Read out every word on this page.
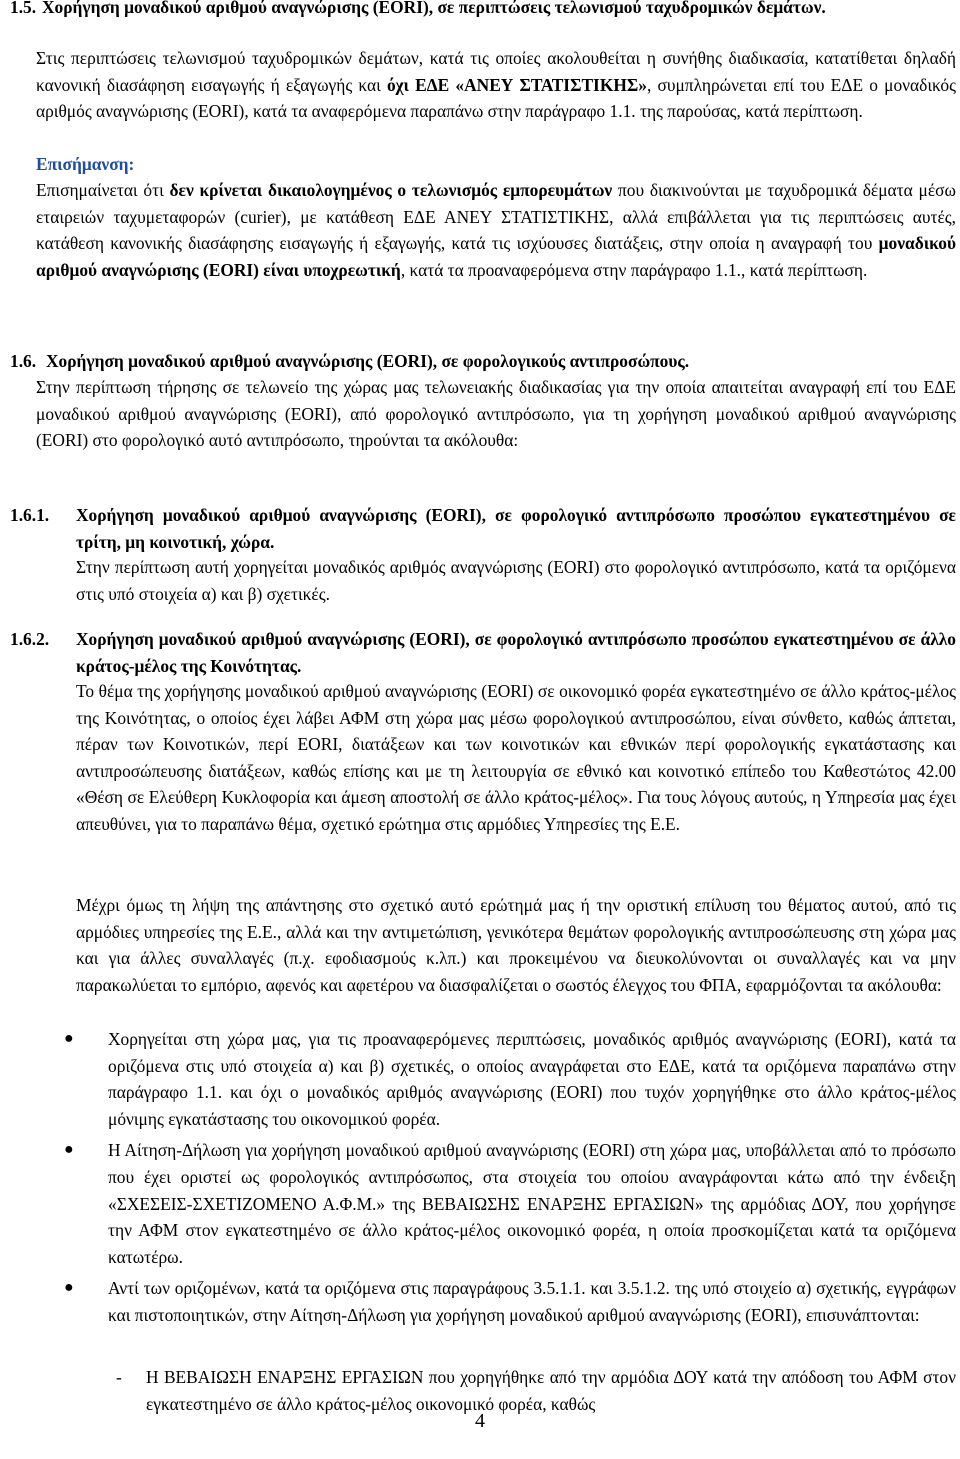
1.5. Χορήγηση μοναδικού αριθμού αναγνώρισης (EORI), σε περιπτώσεις τελωνισμού ταχυδρομικών δεμάτων.
Στις περιπτώσεις τελωνισμού ταχυδρομικών δεμάτων, κατά τις οποίες ακολουθείται η συνήθης διαδικασία, κατατίθεται δηλαδή κανονική διασάφηση εισαγωγής ή εξαγωγής και όχι ΕΔΕ «ΑΝΕΥ ΣΤΑΤΙΣΤΙΚΗΣ», συμπληρώνεται επί του ΕΔΕ ο μοναδικός αριθμός αναγνώρισης (EORI), κατά τα αναφερόμενα παραπάνω στην παράγραφο 1.1. της παρούσας, κατά περίπτωση.
Επισήμανση:
Επισημαίνεται ότι δεν κρίνεται δικαιολογημένος ο τελωνισμός εμπορευμάτων που διακινούνται με ταχυδρομικά δέματα μέσω εταιρειών ταχυμεταφορών (curier), με κατάθεση ΕΔΕ ΑΝΕΥ ΣΤΑΤΙΣΤΙΚΗΣ, αλλά επιβάλλεται για τις περιπτώσεις αυτές, κατάθεση κανονικής διασάφησης εισαγωγής ή εξαγωγής, κατά τις ισχύουσες διατάξεις, στην οποία η αναγραφή του μοναδικού αριθμού αναγνώρισης (EORI) είναι υποχρεωτική, κατά τα προαναφερόμενα στην παράγραφο 1.1., κατά περίπτωση.
1.6. Χορήγηση μοναδικού αριθμού αναγνώρισης (EORI), σε φορολογικούς αντιπροσώπους.
Στην περίπτωση τήρησης σε τελωνείο της χώρας μας τελωνειακής διαδικασίας για την οποία απαιτείται αναγραφή επί του ΕΔΕ μοναδικού αριθμού αναγνώρισης (EORI), από φορολογικό αντιπρόσωπο, για τη χορήγηση μοναδικού αριθμού αναγνώρισης (EORI) στο φορολογικό αυτό αντιπρόσωπο, τηρούνται τα ακόλουθα:
1.6.1. Χορήγηση μοναδικού αριθμού αναγνώρισης (EORI), σε φορολογικό αντιπρόσωπο προσώπου εγκατεστημένου σε τρίτη, μη κοινοτική, χώρα.
Στην περίπτωση αυτή χορηγείται μοναδικός αριθμός αναγνώρισης (EORI) στο φορολογικό αντιπρόσωπο, κατά τα οριζόμενα στις υπό στοιχεία α) και β) σχετικές.
1.6.2. Χορήγηση μοναδικού αριθμού αναγνώρισης (EORI), σε φορολογικό αντιπρόσωπο προσώπου εγκατεστημένου σε άλλο κράτος-μέλος της Κοινότητας.
Το θέμα της χορήγησης μοναδικού αριθμού αναγνώρισης (EORI) σε οικονομικό φορέα εγκατεστημένο σε άλλο κράτος-μέλος της Κοινότητας, ο οποίος έχει λάβει ΑΦΜ στη χώρα μας μέσω φορολογικού αντιπροσώπου, είναι σύνθετο, καθώς άπτεται, πέραν των Κοινοτικών, περί EORI, διατάξεων και των κοινοτικών και εθνικών περί φορολογικής εγκατάστασης και αντιπροσώπευσης διατάξεων, καθώς επίσης και με τη λειτουργία σε εθνικό και κοινοτικό επίπεδο του Καθεστώτος 42.00 «Θέση σε Ελεύθερη Κυκλοφορία και άμεση αποστολή σε άλλο κράτος-μέλος». Για τους λόγους αυτούς, η Υπηρεσία μας έχει απευθύνει, για το παραπάνω θέμα, σχετικό ερώτημα στις αρμόδιες Υπηρεσίες της Ε.Ε.
Μέχρι όμως τη λήψη της απάντησης στο σχετικό αυτό ερώτημά μας ή την οριστική επίλυση του θέματος αυτού, από τις αρμόδιες υπηρεσίες της Ε.Ε., αλλά και την αντιμετώπιση, γενικότερα θεμάτων φορολογικής αντιπροσώπευσης στη χώρα μας και για άλλες συναλλαγές (π.χ. εφοδιασμούς κ.λπ.) και προκειμένου να διευκολύνονται οι συναλλαγές και να μην παρακωλύεται το εμπόριο, αφενός και αφετέρου να διασφαλίζεται ο σωστός έλεγχος του ΦΠΑ, εφαρμόζονται τα ακόλουθα:
● Χορηγείται στη χώρα μας, για τις προαναφερόμενες περιπτώσεις, μοναδικός αριθμός αναγνώρισης (EORI), κατά τα οριζόμενα στις υπό στοιχεία α) και β) σχετικές, ο οποίος αναγράφεται στο ΕΔΕ, κατά τα οριζόμενα παραπάνω στην παράγραφο 1.1. και όχι ο μοναδικός αριθμός αναγνώρισης (EORI) που τυχόν χορηγήθηκε στο άλλο κράτος-μέλος μόνιμης εγκατάστασης του οικονομικού φορέα.
● Η Αίτηση-Δήλωση για χορήγηση μοναδικού αριθμού αναγνώρισης (EORI) στη χώρα μας, υποβάλλεται από το πρόσωπο που έχει οριστεί ως φορολογικός αντιπρόσωπος, στα στοιχεία του οποίου αναγράφονται κάτω από την ένδειξη «ΣΧΕΣΕΙΣ-ΣΧΕΤΙΖΟΜΕΝΟ Α.Φ.Μ.» της ΒΕΒΑΙΩΣΗΣ ΕΝΑΡΞΗΣ ΕΡΓΑΣΙΩΝ» της αρμόδιας ΔΟΥ, που χορήγησε την ΑΦΜ στον εγκατεστημένο σε άλλο κράτος-μέλος οικονομικό φορέα, η οποία προσκομίζεται κατά τα οριζόμενα κατωτέρω.
● Αντί των οριζομένων, κατά τα οριζόμενα στις παραγράφους 3.5.1.1. και 3.5.1.2. της υπό στοιχείο α) σχετικής, εγγράφων και πιστοποιητικών, στην Αίτηση-Δήλωση για χορήγηση μοναδικού αριθμού αναγνώρισης (EORI), επισυνάπτονται:
- Η ΒΕΒΑΙΩΣΗ ΕΝΑΡΞΗΣ ΕΡΓΑΣΙΩΝ που χορηγήθηκε από την αρμόδια ΔΟΥ κατά την απόδοση του ΑΦΜ στον εγκατεστημένο σε άλλο κράτος-μέλος οικονομικό φορέα, καθώς
4
